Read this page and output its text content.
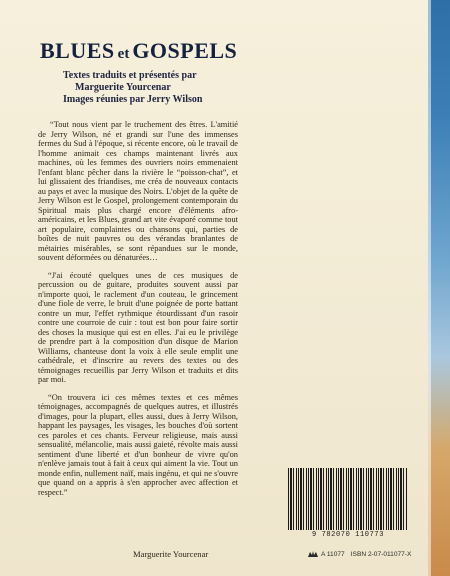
BLUES et GOSPELS
Textes traduits et présentés par
Marguerite Yourcenar
Images réunies par Jerry Wilson

“Tout nous vient par le truchement des êtres. L'amitié de Jerry Wilson, né et grandi sur l'une des immenses fermes du Sud à l'époque, si récente encore, où le travail de l'homme animait ces champs maintenant livrés aux machines, où les femmes des ouvriers noirs emmenaient l'enfant blanc pêcher dans la rivière le “poisson-chat”, et lui glissaient des friandises, me créa de nouveaux contacts au pays et avec la musique des Noirs. L'objet de la quête de Jerry Wilson est le Gospel, prolongement contemporain du Spiritual mais plus chargé encore d'éléments afro-américains, et les Blues, grand art vite évaporé comme tout art populaire, complaintes ou chansons qui, parties de boîtes de nuit pauvres ou des vérandas branlantes de métairies misérables, se sont répandues sur le monde, souvent déformées ou dénaturées…

“J'ai écouté quelques unes de ces musiques de percussion ou de guitare, produites souvent aussi par n'importe quoi, le raclement d'un couteau, le grincement d'une fiole de verre, le bruit d'une poignée de porte battant contre un mur, l'effet rythmique étourdissant d'un rasoir contre une courroie de cuir : tout est bon pour faire sortir des choses la musique qui est en elles. J'ai eu le privilège de prendre part à la composition d'un disque de Marion Williams, chanteuse dont la voix à elle seule emplit une cathédrale, et d'inscrire au revers des textes ou des témoignages recueillis par Jerry Wilson et traduits et dits par moi.

“On trouvera ici ces mêmes textes et ces mêmes témoignages, accompagnés de quelques autres, et illustrés d'images, pour la plupart, elles aussi, dues à Jerry Wilson, happant les paysages, les visages, les bouches d'où sortent ces paroles et ces chants. Ferveur religieuse, mais aussi sensualité, mélancolie, mais aussi gaieté, révolte mais aussi sentiment d'une liberté et d'un bonheur de vivre qu'on n'enlève jamais tout à fait à ceux qui aiment la vie. Tout un monde enfin, nullement naïf, mais ingénu, et qui ne s'ouvre que quand on a appris à s'en approcher avec affection et respect.”

Marguerite Yourcenar
9 782070 110773
A 11077 ISBN 2-07-011077-X
